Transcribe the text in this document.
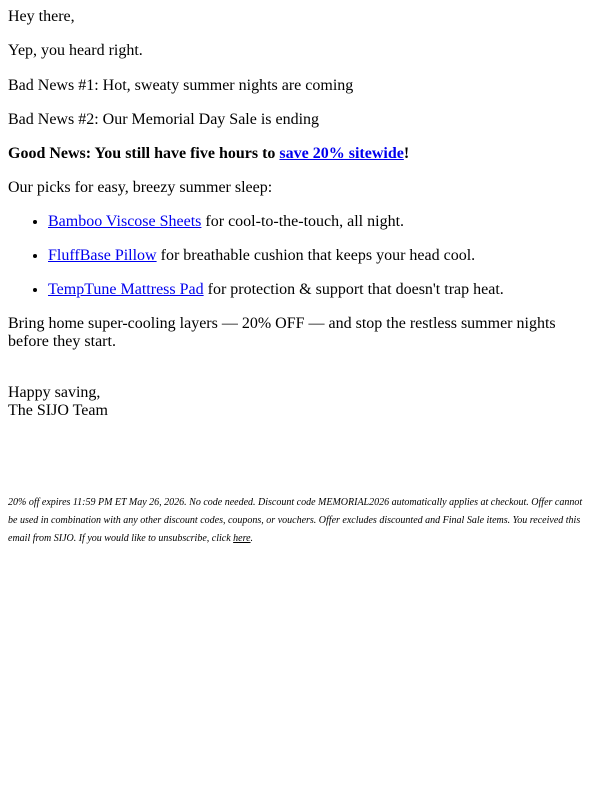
Hey there,

Yep, you heard right.

Bad News #1: Hot, sweaty summer nights are coming

Bad News #2: Our Memorial Day Sale is ending

Good News: You still have five hours to save 20% sitewide!

Our picks for easy, breezy summer sleep:

• Bamboo Viscose Sheets for cool-to-the-touch, all night.
• FluffBase Pillow for breathable cushion that keeps your head cool.
• TempTune Mattress Pad for protection & support that doesn't trap heat.

Bring home super-cooling layers — 20% OFF — and stop the restless summer nights before they start.

Happy saving,
The SIJO Team

20% off expires 11:59 PM ET May 26, 2026. No code needed. Discount code MEMORIAL2026 automatically applies at checkout. Offer cannot be used in combination with any other discount codes, coupons, or vouchers. Offer excludes discounted and Final Sale items. You received this email from SIJO. If you would like to unsubscribe, click here.
